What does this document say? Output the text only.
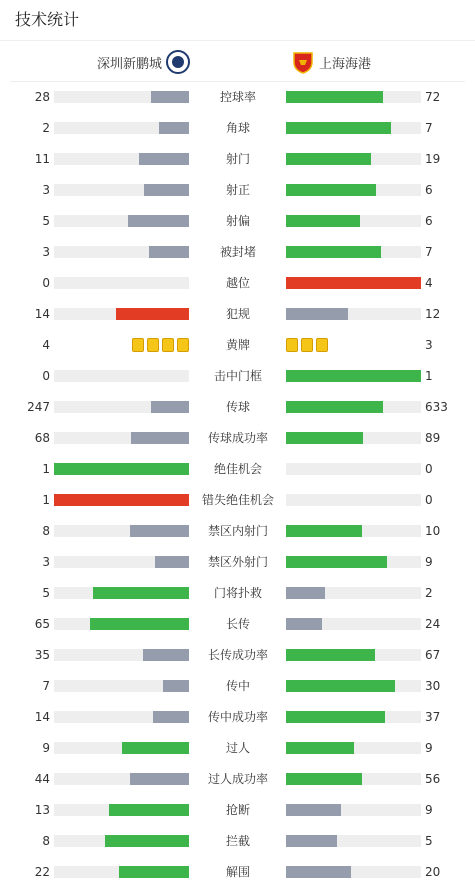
技术统计
深圳新鹏城	上海海港
28	控球率	72
2	角球	7
11	射门	19
3	射正	6
5	射偏	6
3	被封堵	7
0	越位	4
14	犯规	12
4	黄牌	3
0	击中门框	1
247	传球	633
68	传球成功率	89
1	绝佳机会	0
1	错失绝佳机会	0
8	禁区内射门	10
3	禁区外射门	9
5	门将扑救	2
65	长传	24
35	长传成功率	67
7	传中	30
14	传中成功率	37
9	过人	9
44	过人成功率	56
13	抢断	9
8	拦截	5
22	解围	20
